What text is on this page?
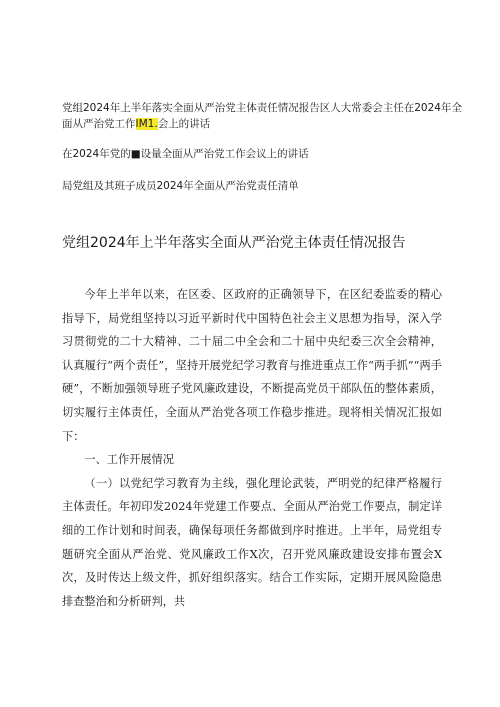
党组2024年上半年落实全面从严治党主体责任情况报告区人大常委会主任在2024年全面从严治党工作IM1.会上的讲话
在2024年党的■设量全面从严治党工作会议上的讲话
局党组及其班子成员2024年全面从严治党责任清单
党组2024年上半年落实全面从严治党主体责任情况报告

今年上半年以来，在区委、区政府的正确领导下，在区纪委监委的精心指导下，局党组坚持以习近平新时代中国特色社会主义思想为指导，深入学习贯彻党的二十大精神、二十届二中全会和二十届中央纪委三次全会精神，认真履行“两个责任”，坚持开展党纪学习教育与推进重点工作“两手抓”“两手硬”，不断加强领导班子党风廉政建设，不断提高党员干部队伍的整体素质，切实履行主体责任，全面从严治党各项工作稳步推进。现将相关情况汇报如下：

一、工作开展情况

（一）以党纪学习教育为主线，强化理论武装，严明党的纪律严格履行主体责任。年初印发2024年党建工作要点、全面从严治党工作要点，制定详细的工作计划和时间表，确保每项任务都做到序时推进。上半年，局党组专题研究全面从严治党、党风廉政工作X次，召开党风廉政建设安排布置会X次，及时传达上级文件，抓好组织落实。结合工作实际，定期开展风险隐患排查整治和分析研判，共
